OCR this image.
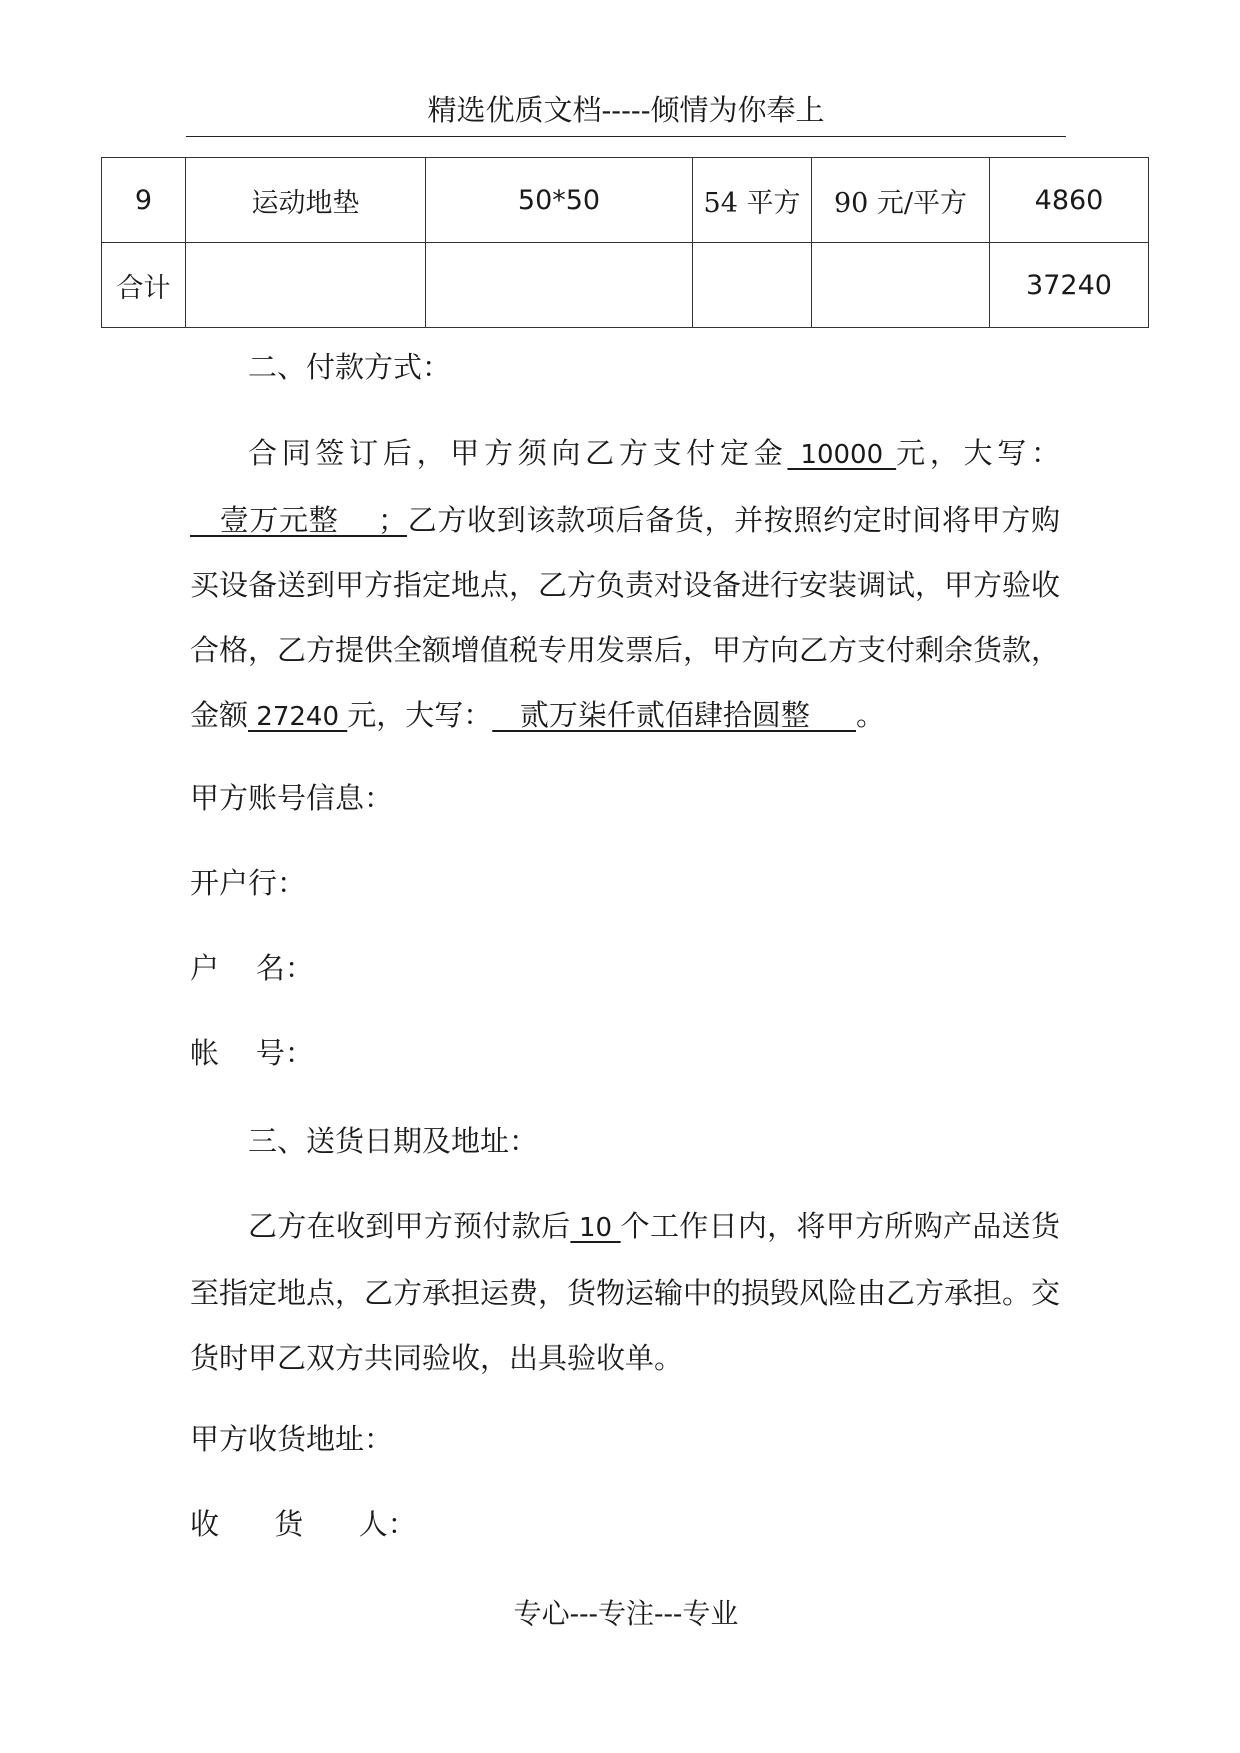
精选优质文档-----倾情为你奉上
9	运动地垫	50*50	54 平方	90 元/平方	4860
合计					37240
二、付款方式：
合同签订后，甲方须向乙方支付定金 10000 元，大写：   壹万元整    ；乙方收到该款项后备货，并按照约定时间将甲方购买设备送到甲方指定地点，乙方负责对设备进行安装调试，甲方验收合格，乙方提供全额增值税专用发票后，甲方向乙方支付剩余货款，金额 27240 元，大写：   贰万柒仟贰佰肆拾圆整     。
甲方账号信息：
开户行：
户    名：
帐    号：
三、送货日期及地址：
乙方在收到甲方预付款后 10 个工作日内，将甲方所购产品送货至指定地点，乙方承担运费，货物运输中的损毁风险由乙方承担。交货时甲乙双方共同验收，出具验收单。
甲方收货地址：
收      货      人：
专心---专注---专业
